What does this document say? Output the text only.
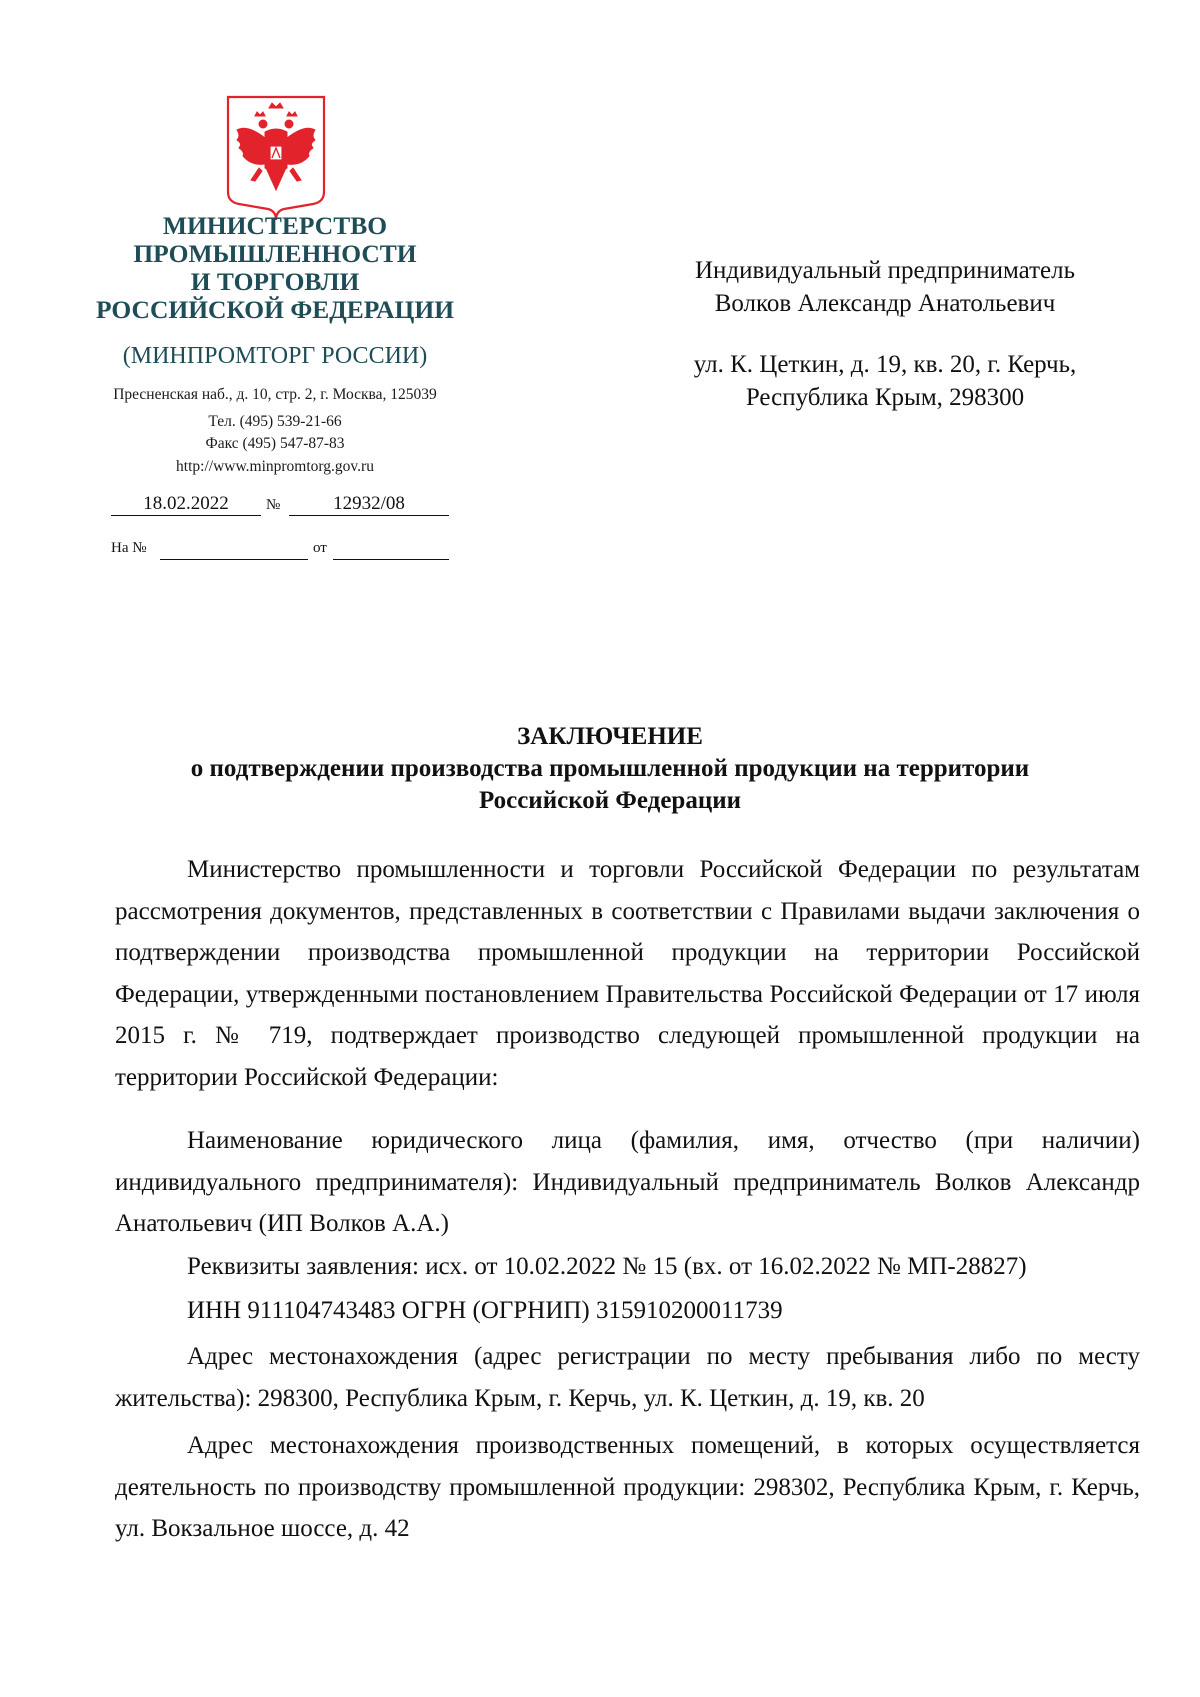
МИНИСТЕРСТВО
ПРОМЫШЛЕННОСТИ
И ТОРГОВЛИ
РОССИЙСКОЙ ФЕДЕРАЦИИ
(МИНПРОМТОРГ РОССИИ)
Пресненская наб., д. 10, стр. 2, г. Москва, 125039
Тел. (495) 539-21-66
Факс (495) 547-87-83
http://www.minpromtorg.gov.ru
18.02.2022	№	12932/08
На №	от
Индивидуальный предприниматель
Волков Александр Анатольевич
ул. К. Цеткин, д. 19, кв. 20, г. Керчь,
Республика Крым, 298300
ЗАКЛЮЧЕНИЕ
о подтверждении производства промышленной продукции на территории
Российской Федерации

Министерство промышленности и торговли Российской Федерации по результатам рассмотрения документов, представленных в соответствии с Правилами выдачи заключения о подтверждении производства промышленной продукции на территории Российской Федерации, утвержденными постановлением Правительства Российской Федерации от 17 июля 2015 г. № 719, подтверждает производство следующей промышленной продукции на территории Российской Федерации:

Наименование юридического лица (фамилия, имя, отчество (при наличии) индивидуального предпринимателя): Индивидуальный предприниматель Волков Александр Анатольевич (ИП Волков А.А.)

Реквизиты заявления: исх. от 10.02.2022 № 15 (вх. от 16.02.2022 № МП-28827)
ИНН 911104743483 ОГРН (ОГРНИП) 315910200011739

Адрес местонахождения (адрес регистрации по месту пребывания либо по месту жительства): 298300, Республика Крым, г. Керчь, ул. К. Цеткин, д. 19, кв. 20

Адрес местонахождения производственных помещений, в которых осуществляется деятельность по производству промышленной продукции: 298302, Республика Крым, г. Керчь, ул. Вокзальное шоссе, д. 42
